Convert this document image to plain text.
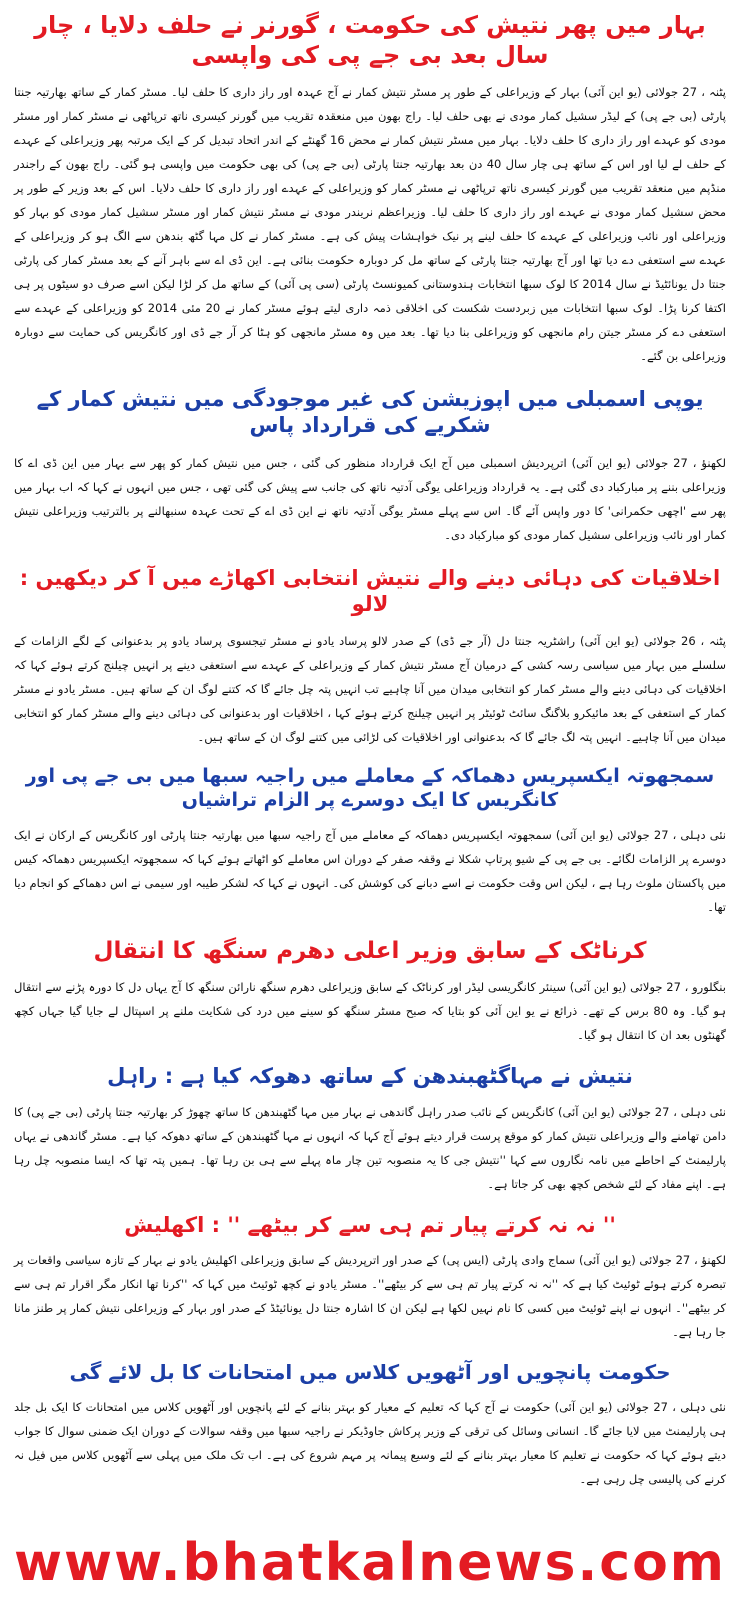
بہار میں پھر نتیش کی حکومت ، گورنر نے حلف دلایا ، چار سال بعد بی جے پی کی واپسی

پٹنہ ، 27 جولائی (یو این آئی) بہار کے وزیراعلی کے طور پر مسٹر نتیش کمار نے آج عہدہ اور راز داری کا حلف لیا۔ مسٹر کمار کے ساتھ بھارتیہ جنتا پارٹی (بی جے پی) کے لیڈر سشیل کمار مودی نے بھی حلف لیا۔ راج بھون میں منعقدہ تقریب میں گورنر کیسری ناتھ ترپاٹھی نے مسٹر کمار اور مسٹر مودی کو عہدے اور راز داری کا حلف دلایا۔ بہار میں مسٹر نتیش کمار نے محض 16 گھنٹے کے اندر اتحاد تبدیل کر کے ایک مرتبہ پھر وزیراعلی کے عہدے کے حلف لے لیا اور اس کے ساتھ ہی چار سال 40 دن بعد بھارتیہ جنتا پارٹی (بی جے پی) کی بھی حکومت میں واپسی ہو گئی۔ راج بھون کے راجندر منڈپم میں منعقد تقریب میں گورنر کیسری ناتھ ترپاٹھی نے مسٹر کمار کو وزیراعلی کے عہدے اور راز داری کا حلف دلایا۔ اس کے بعد وزیر کے طور پر محض سشیل کمار مودی نے عہدے اور راز داری کا حلف لیا۔ وزیراعظم نریندر مودی نے مسٹر نتیش کمار اور مسٹر سشیل کمار مودی کو بہار کو وزیراعلی اور نائب وزیراعلی کے عہدے کا حلف لینے پر نیک خواہشات پیش کی ہے۔ مسٹر کمار نے کل مہا گٹھ بندھن سے الگ ہو کر وزیراعلی کے عہدے سے استعفی دے دیا تھا اور آج بھارتیہ جنتا پارٹی کے ساتھ مل کر دوبارہ حکومت بنائی ہے۔ این ڈی اے سے باہر آنے کے بعد مسٹر کمار کی پارٹی جنتا دل یونائٹیڈ نے سال 2014 کا لوک سبھا انتخابات ہندوستانی کمیونسٹ پارٹی (سی پی آئی) کے ساتھ مل کر لڑا لیکن اسے صرف دو سیٹوں پر ہی اکتفا کرنا پڑا۔ لوک سبھا انتخابات میں زبردست شکست کی اخلاقی ذمہ داری لیتے ہوئے مسٹر کمار نے 20 مئی 2014 کو وزیراعلی کے عہدے سے استعفی دے کر مسٹر جیتن رام مانجھی کو وزیراعلی بنا دیا تھا۔ بعد میں وہ مسٹر مانجھی کو ہٹا کر آر جے ڈی اور کانگریس کی حمایت سے دوبارہ وزیراعلی بن گئے۔

یوپی اسمبلی میں اپوزیشن کی غیر موجودگی میں نتیش کمار کے شکریے کی قرارداد پاس

لکھنؤ ، 27 جولائی (یو این آئی) اترپردیش اسمبلی میں آج ایک قرارداد منظور کی گئی ، جس میں نتیش کمار کو پھر سے بہار میں این ڈی اے کا وزیراعلی بننے پر مبارکباد دی گئی ہے۔ یہ قرارداد وزیراعلی یوگی آدتیہ ناتھ کی جانب سے پیش کی گئی تھی ، جس میں انہوں نے کہا کہ اب بہار میں پھر سے 'اچھی حکمرانی' کا دور واپس آئے گا۔ اس سے پہلے مسٹر یوگی آدتیہ ناتھ نے این ڈی اے کے تحت عہدہ سنبھالنے پر بالترتیب وزیراعلی نتیش کمار اور نائب وزیراعلی سشیل کمار مودی کو مبارکباد دی۔

اخلاقیات کی دہائی دینے والے نتیش انتخابی اکھاڑے میں آ کر دیکھیں : لالو

پٹنہ ، 26 جولائی (یو این آئی) راشٹریہ جنتا دل (آر جے ڈی) کے صدر لالو پرساد یادو نے مسٹر تیجسوی پرساد یادو پر بدعنوانی کے لگے الزامات کے سلسلے میں بہار میں سیاسی رسہ کشی کے درمیان آج مسٹر نتیش کمار کے وزیراعلی کے عہدے سے استعفی دینے پر انہیں چیلنج کرتے ہوئے کہا کہ اخلاقیات کی دہائی دینے والے مسٹر کمار کو انتخابی میدان میں آنا چاہیے تب انہیں پتہ چل جائے گا کہ کتنے لوگ ان کے ساتھ ہیں۔ مسٹر یادو نے مسٹر کمار کے استعفی کے بعد مائیکرو بلاگنگ سائٹ ٹوئیٹر پر انہیں چیلنج کرتے ہوئے کہا ، اخلاقیات اور بدعنوانی کی دہائی دینے والے مسٹر کمار کو انتخابی میدان میں آنا چاہیے۔ انہیں پتہ لگ جائے گا کہ بدعنوانی اور اخلاقیات کی لڑائی میں کتنے لوگ ان کے ساتھ ہیں۔

سمجھوتہ ایکسپریس دھماکہ کے معاملے میں راجیہ سبھا میں بی جے پی اور کانگریس کا ایک دوسرے پر الزام تراشیاں

نئی دہلی ، 27 جولائی (یو این آئی) سمجھوتہ ایکسپریس دھماکہ کے معاملے میں آج راجیہ سبھا میں بھارتیہ جنتا پارٹی اور کانگریس کے ارکان نے ایک دوسرے پر الزامات لگائے۔ بی جے پی کے شیو پرتاپ شکلا نے وقفہ صفر کے دوران اس معاملے کو اٹھاتے ہوئے کہا کہ سمجھوتہ ایکسپریس دھماکہ کیس میں پاکستان ملوث رہا ہے ، لیکن اس وقت حکومت نے اسے دبانے کی کوشش کی۔ انہوں نے کہا کہ لشکر طیبہ اور سیمی نے اس دھماکے کو انجام دیا تھا۔

کرناٹک کے سابق وزیر اعلی دھرم سنگھ کا انتقال

بنگلورو ، 27 جولائی (یو این آئی) سینئر کانگریسی لیڈر اور کرناٹک کے سابق وزیراعلی دھرم سنگھ نارائن سنگھ کا آج یہاں دل کا دورہ پڑنے سے انتقال ہو گیا۔ وہ 80 برس کے تھے۔ ذرائع نے یو این آئی کو بتایا کہ صبح مسٹر سنگھ کو سینے میں درد کی شکایت ملنے پر اسپتال لے جایا گیا جہاں کچھ گھنٹوں بعد ان کا انتقال ہو گیا۔

نتیش نے مہاگٹھبندھن کے ساتھ دھوکہ کیا ہے : راہل

نئی دہلی ، 27 جولائی (یو این آئی) کانگریس کے نائب صدر راہل گاندھی نے بہار میں مہا گٹھبندھن کا ساتھ چھوڑ کر بھارتیہ جنتا پارٹی (بی جے پی) کا دامن تھامنے والے وزیراعلی نتیش کمار کو موقع پرست قرار دیتے ہوئے آج کہا کہ انہوں نے مہا گٹھبندھن کے ساتھ دھوکہ کیا ہے۔ مسٹر گاندھی نے یہاں پارلیمنٹ کے احاطے میں نامہ نگاروں سے کہا ''نتیش جی کا یہ منصوبہ تین چار ماہ پہلے سے ہی بن رہا تھا۔ ہمیں پتہ تھا کہ ایسا منصوبہ چل رہا ہے۔ اپنے مفاد کے لئے شخص کچھ بھی کر جاتا ہے۔

'' نہ نہ کرتے پیار تم ہی سے کر بیٹھے '' : اکھلیش

لکھنؤ ، 27 جولائی (یو این آئی) سماج وادی پارٹی (ایس پی) کے صدر اور اترپردیش کے سابق وزیراعلی اکھلیش یادو نے بہار کے تازہ سیاسی واقعات پر تبصرہ کرتے ہوئے ٹوئیٹ کیا ہے کہ ''نہ نہ کرتے پیار تم ہی سے کر بیٹھے''۔ مسٹر یادو نے کچھ ٹوئیٹ میں کہا کہ ''کرنا تھا انکار مگر اقرار تم ہی سے کر بیٹھے''۔ انہوں نے اپنے ٹوئیٹ میں کسی کا نام نہیں لکھا ہے لیکن ان کا اشارہ جنتا دل یونائیٹڈ کے صدر اور بہار کے وزیراعلی نتیش کمار پر طنز مانا جا رہا ہے۔

حکومت پانچویں اور آٹھویں کلاس میں امتحانات کا بل لائے گی

نئی دہلی ، 27 جولائی (یو این آئی) حکومت نے آج کہا کہ تعلیم کے معیار کو بہتر بنانے کے لئے پانچویں اور آٹھویں کلاس میں امتحانات کا ایک بل جلد ہی پارلیمنٹ میں لایا جائے گا۔ انسانی وسائل کی ترقی کے وزیر پرکاش جاوڈیکر نے راجیہ سبھا میں وقفہ سوالات کے دوران ایک ضمنی سوال کا جواب دیتے ہوئے کہا کہ حکومت نے تعلیم کا معیار بہتر بنانے کے لئے وسیع پیمانہ پر مہم شروع کی ہے۔ اب تک ملک میں پہلی سے آٹھویں کلاس میں فیل نہ کرنے کی پالیسی چل رہی ہے۔

www.bhatkalnews.com
